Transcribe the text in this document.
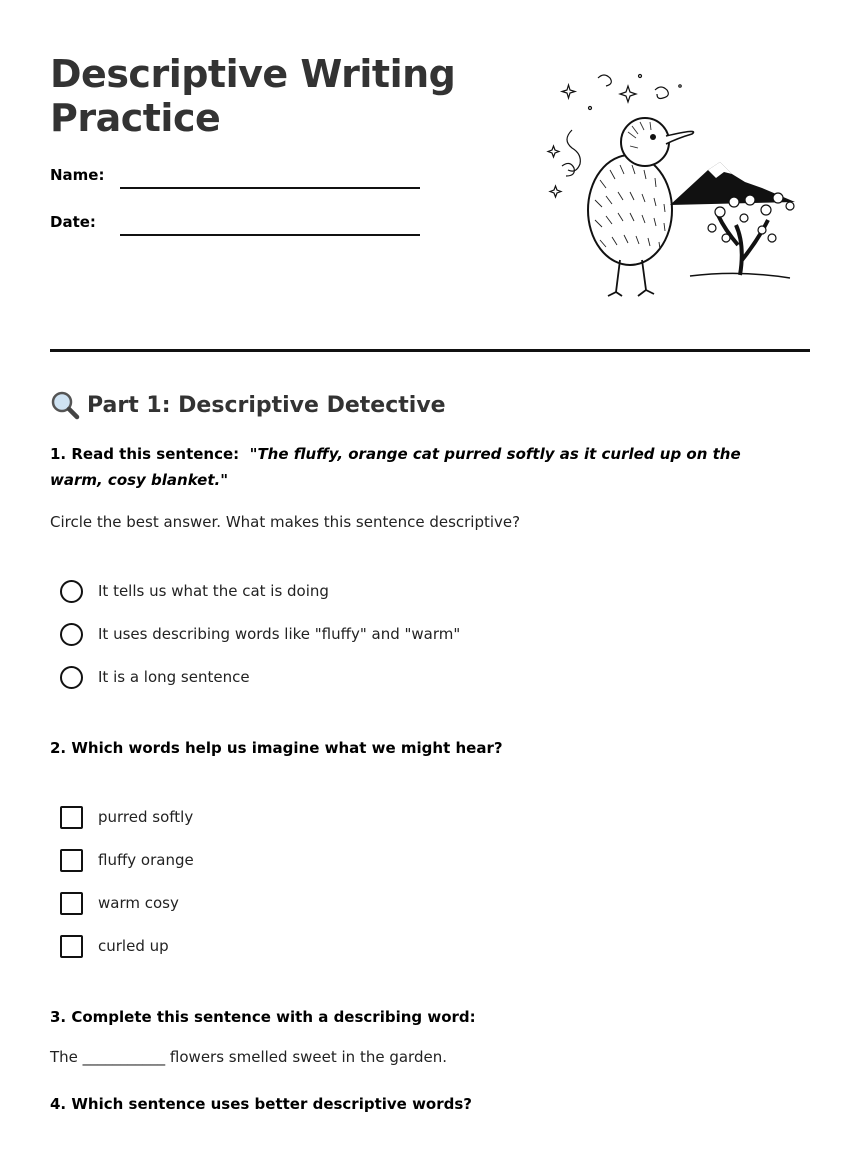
Descriptive Writing Practice
Name:
Date:
Part 1: Descriptive Detective
1. Read this sentence: "The fluffy, orange cat purred softly as it curled up on the warm, cosy blanket."
Circle the best answer. What makes this sentence descriptive?
It tells us what the cat is doing
It uses describing words like "fluffy" and "warm"
It is a long sentence
2. Which words help us imagine what we might hear?
purred softly
fluffy orange
warm cosy
curled up
3. Complete this sentence with a describing word:
The ___________ flowers smelled sweet in the garden.
4. Which sentence uses better descriptive words?
